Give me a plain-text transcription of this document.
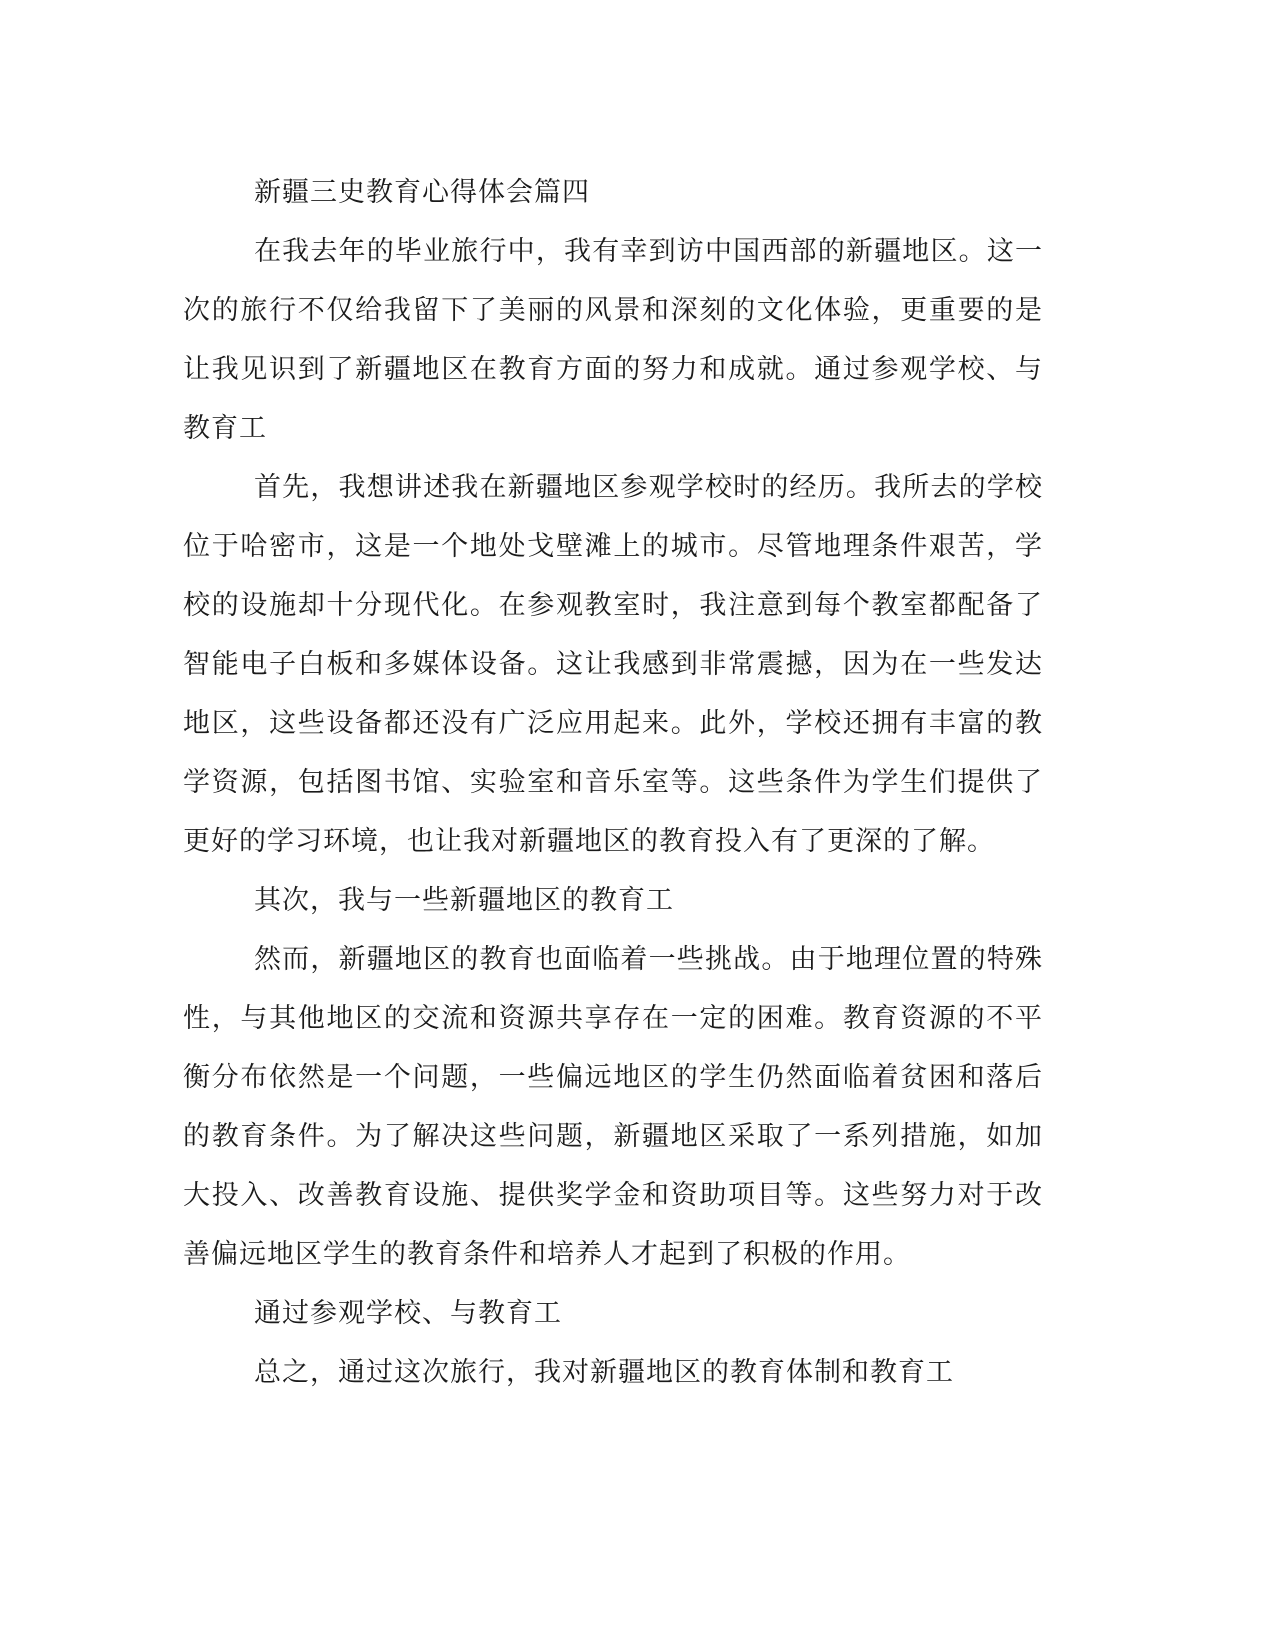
新疆三史教育心得体会篇四

在我去年的毕业旅行中，我有幸到访中国西部的新疆地区。这一次的旅行不仅给我留下了美丽的风景和深刻的文化体验，更重要的是让我见识到了新疆地区在教育方面的努力和成就。通过参观学校、与教育工

首先，我想讲述我在新疆地区参观学校时的经历。我所去的学校位于哈密市，这是一个地处戈壁滩上的城市。尽管地理条件艰苦，学校的设施却十分现代化。在参观教室时，我注意到每个教室都配备了智能电子白板和多媒体设备。这让我感到非常震撼，因为在一些发达地区，这些设备都还没有广泛应用起来。此外，学校还拥有丰富的教学资源，包括图书馆、实验室和音乐室等。这些条件为学生们提供了更好的学习环境，也让我对新疆地区的教育投入有了更深的了解。

其次，我与一些新疆地区的教育工

然而，新疆地区的教育也面临着一些挑战。由于地理位置的特殊性，与其他地区的交流和资源共享存在一定的困难。教育资源的不平衡分布依然是一个问题，一些偏远地区的学生仍然面临着贫困和落后的教育条件。为了解决这些问题，新疆地区采取了一系列措施，如加大投入、改善教育设施、提供奖学金和资助项目等。这些努力对于改善偏远地区学生的教育条件和培养人才起到了积极的作用。

通过参观学校、与教育工

总之，通过这次旅行，我对新疆地区的教育体制和教育工
